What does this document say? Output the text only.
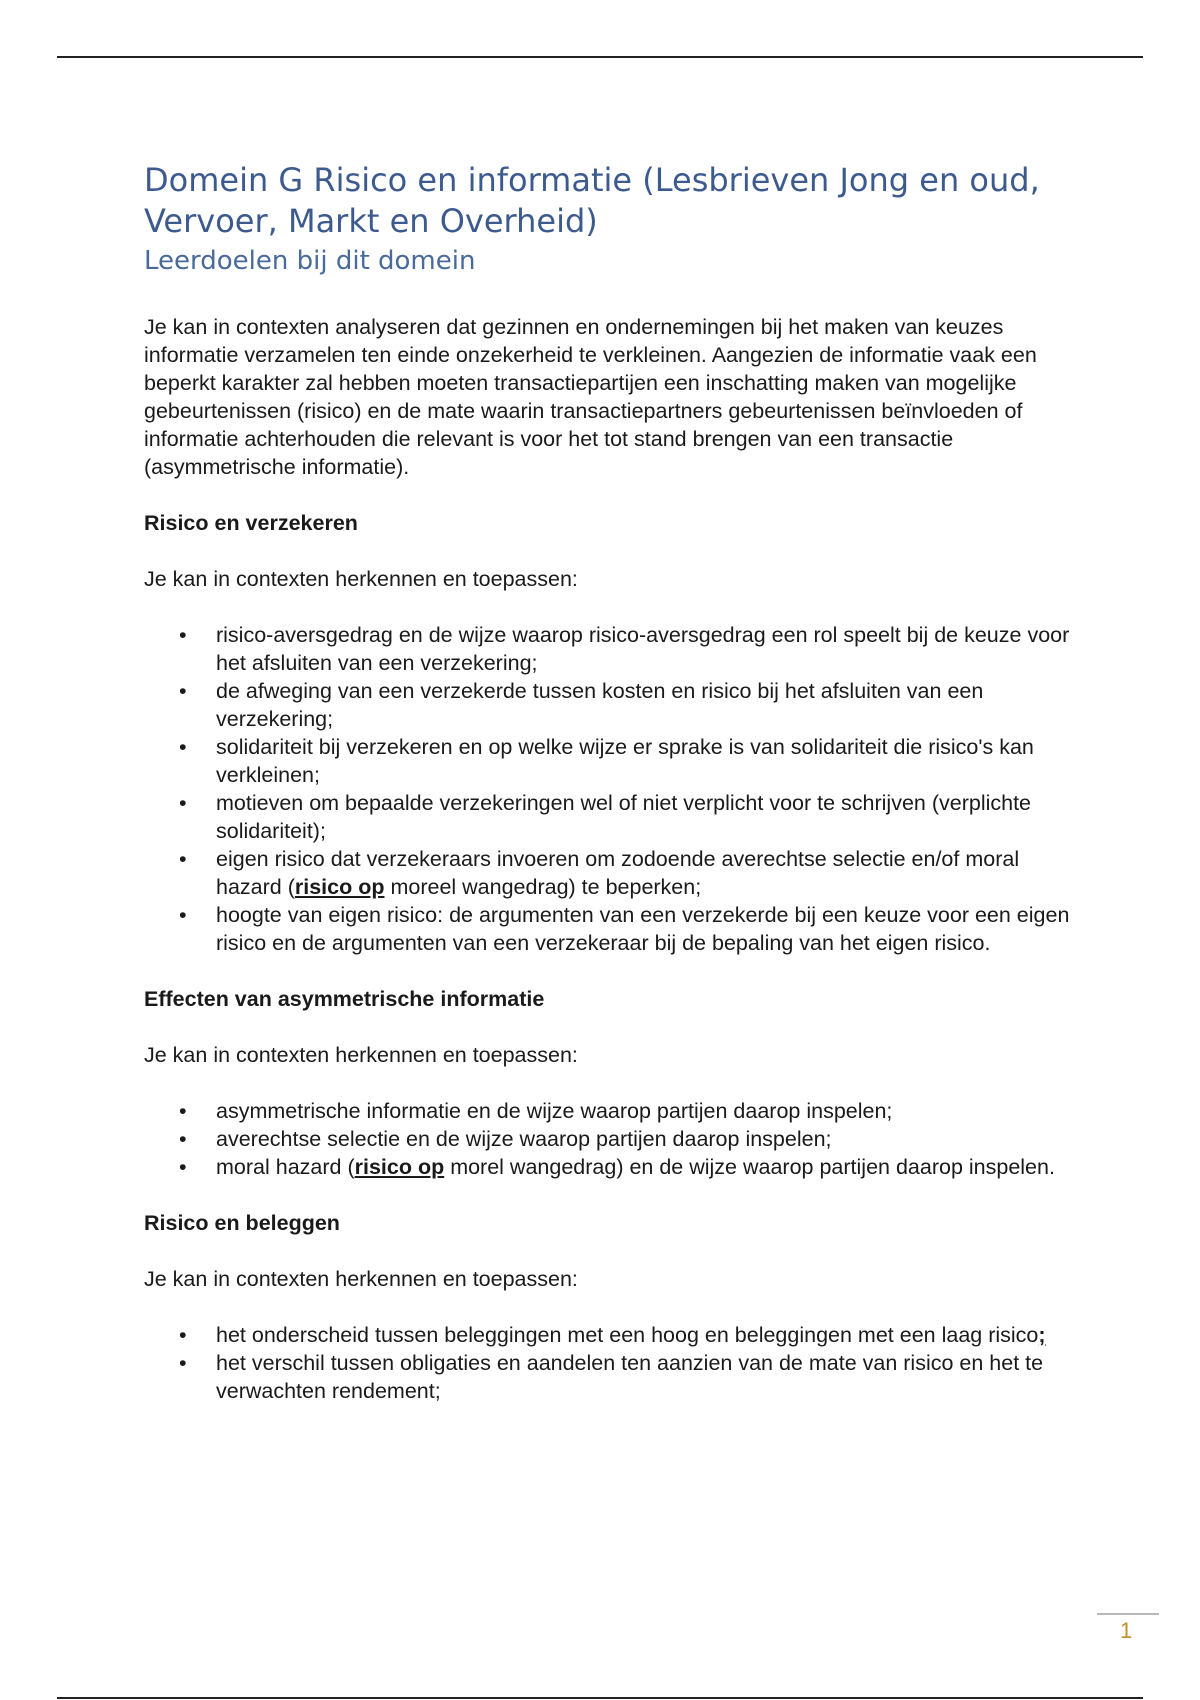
Domein G Risico en informatie (Lesbrieven Jong en oud, Vervoer, Markt en Overheid)
Leerdoelen bij dit domein

Je kan in contexten analyseren dat gezinnen en ondernemingen bij het maken van keuzes informatie verzamelen ten einde onzekerheid te verkleinen. Aangezien de informatie vaak een beperkt karakter zal hebben moeten transactiepartijen een inschatting maken van mogelijke gebeurtenissen (risico) en de mate waarin transactiepartners gebeurtenissen beïnvloeden of informatie achterhouden die relevant is voor het tot stand brengen van een transactie (asymmetrische informatie).

Risico en verzekeren

Je kan in contexten herkennen en toepassen:

• risico-aversgedrag en de wijze waarop risico-aversgedrag een rol speelt bij de keuze voor het afsluiten van een verzekering;
• de afweging van een verzekerde tussen kosten en risico bij het afsluiten van een verzekering;
• solidariteit bij verzekeren en op welke wijze er sprake is van solidariteit die risico's kan verkleinen;
• motieven om bepaalde verzekeringen wel of niet verplicht voor te schrijven (verplichte solidariteit);
• eigen risico dat verzekeraars invoeren om zodoende averechtse selectie en/of moral hazard (risico op moreel wangedrag) te beperken;
• hoogte van eigen risico: de argumenten van een verzekerde bij een keuze voor een eigen risico en de argumenten van een verzekeraar bij de bepaling van het eigen risico.
Effecten van asymmetrische informatie

Je kan in contexten herkennen en toepassen:

• asymmetrische informatie en de wijze waarop partijen daarop inspelen;
• averechtse selectie en de wijze waarop partijen daarop inspelen;
• moral hazard (risico op morel wangedrag) en de wijze waarop partijen daarop inspelen.
Risico en beleggen

Je kan in contexten herkennen en toepassen:

• het onderscheid tussen beleggingen met een hoog en beleggingen met een laag risico;
• het verschil tussen obligaties en aandelen ten aanzien van de mate van risico en het te verwachten rendement;
1
